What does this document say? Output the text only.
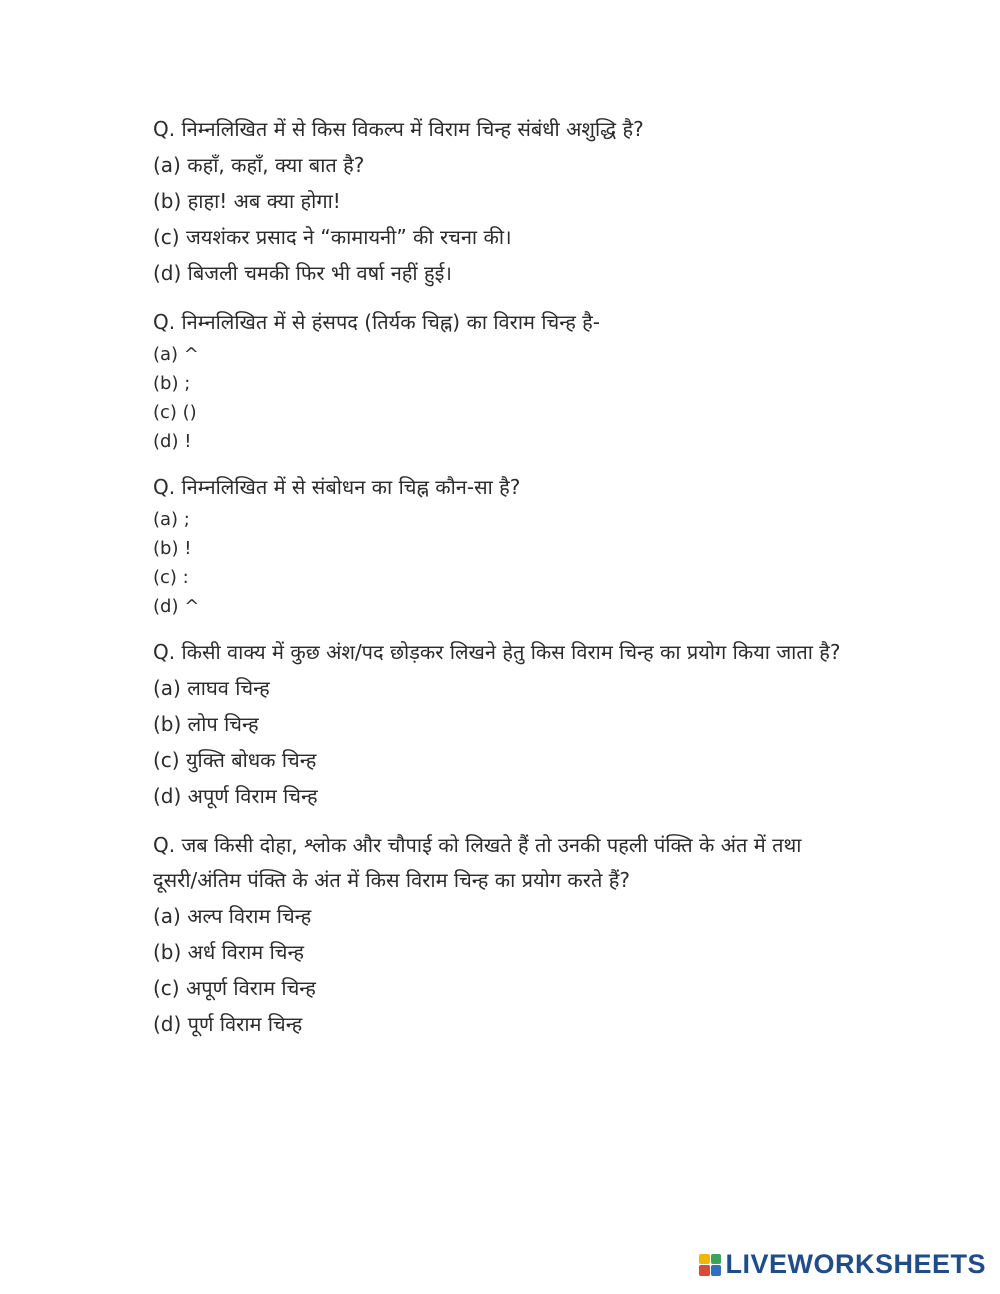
Q. निम्नलिखित में से किस विकल्प में विराम चिन्ह संबंधी अशुद्धि है?

(a) कहाँ, कहाँ, क्या बात है?
(b) हाहा! अब क्या होगा!
(c) जयशंकर प्रसाद ने “कामायनी” की रचना की।
(d) बिजली चमकी फिर भी वर्षा नहीं हुई।

Q. निम्नलिखित में से हंसपद (तिर्यक चिह्न) का विराम चिन्ह है-

(a) ^
(b) ;
(c) ()
(d) !

Q. निम्नलिखित में से संबोधन का चिह्न कौन-सा है?

(a) ;
(b) !
(c) :
(d) ^

Q. किसी वाक्य में कुछ अंश/पद छोड़कर लिखने हेतु किस विराम चिन्ह का प्रयोग किया जाता है?

(a) लाघव चिन्ह
(b) लोप चिन्ह
(c) युक्ति बोधक चिन्ह
(d) अपूर्ण विराम चिन्ह

Q. जब किसी दोहा, श्लोक और चौपाई को लिखते हैं तो उनकी पहली पंक्ति के अंत में तथा दूसरी/अंतिम पंक्ति के अंत में किस विराम चिन्ह का प्रयोग करते हैं?

(a) अल्प विराम चिन्ह
(b) अर्ध विराम चिन्ह
(c) अपूर्ण विराम चिन्ह
(d) पूर्ण विराम चिन्ह
LIVEWORKSHEETS
